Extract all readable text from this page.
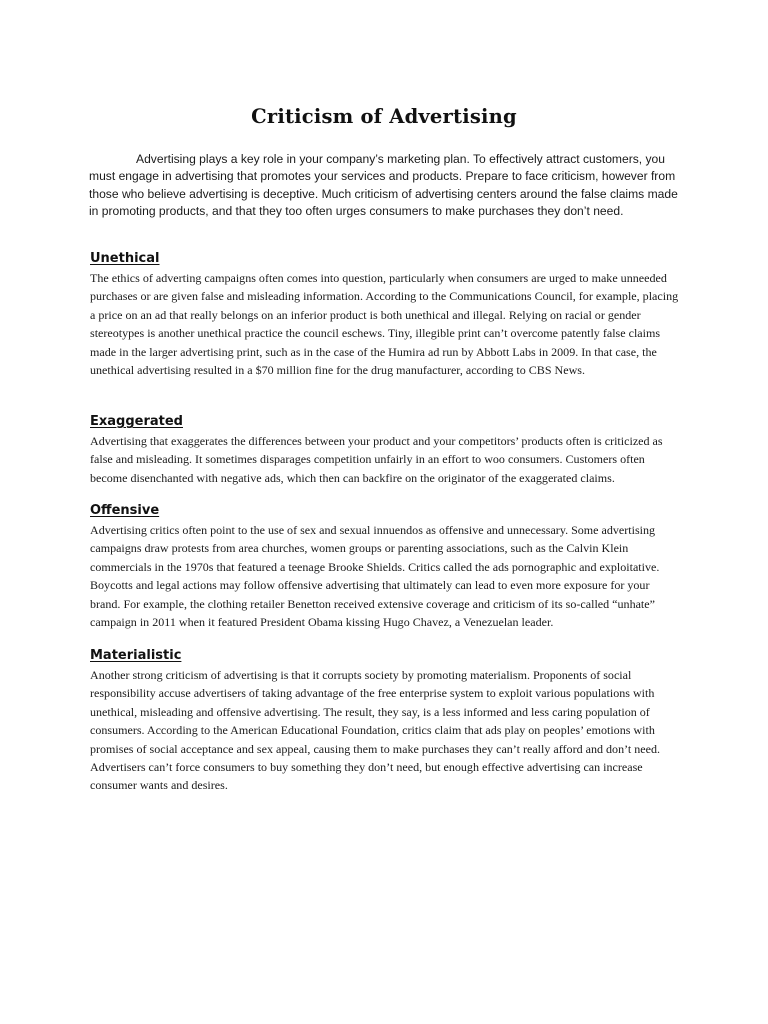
Criticism of Advertising

Advertising plays a key role in your company’s marketing plan. To effectively attract customers, you must engage in advertising that promotes your services and products. Prepare to face criticism, however from those who believe advertising is deceptive. Much criticism of advertising centers around the false claims made in promoting products, and that they too often urges consumers to make purchases they don’t need.

Unethical

The ethics of adverting campaigns often comes into question, particularly when consumers are urged to make unneeded purchases or are given false and misleading information. According to the Communications Council, for example, placing a price on an ad that really belongs on an inferior product is both unethical and illegal. Relying on racial or gender stereotypes is another unethical practice the council eschews. Tiny, illegible print can’t overcome patently false claims made in the larger advertising print, such as in the case of the Humira ad run by Abbott Labs in 2009. In that case, the unethical advertising resulted in a $70 million fine for the drug manufacturer, according to CBS News.

Exaggerated

Advertising that exaggerates the differences between your product and your competitors’ products often is criticized as false and misleading. It sometimes disparages competition unfairly in an effort to woo consumers. Customers often become disenchanted with negative ads, which then can backfire on the originator of the exaggerated claims.

Offensive

Advertising critics often point to the use of sex and sexual innuendos as offensive and unnecessary. Some advertising campaigns draw protests from area churches, women groups or parenting associations, such as the Calvin Klein commercials in the 1970s that featured a teenage Brooke Shields. Critics called the ads pornographic and exploitative. Boycotts and legal actions may follow offensive advertising that ultimately can lead to even more exposure for your brand. For example, the clothing retailer Benetton received extensive coverage and criticism of its so-called “unhate” campaign in 2011 when it featured President Obama kissing Hugo Chavez, a Venezuelan leader.

Materialistic

Another strong criticism of advertising is that it corrupts society by promoting materialism. Proponents of social responsibility accuse advertisers of taking advantage of the free enterprise system to exploit various populations with unethical, misleading and offensive advertising. The result, they say, is a less informed and less caring population of consumers. According to the American Educational Foundation, critics claim that ads play on peoples’ emotions with promises of social acceptance and sex appeal, causing them to make purchases they can’t really afford and don’t need. Advertisers can’t force consumers to buy something they don’t need, but enough effective advertising can increase consumer wants and desires.
